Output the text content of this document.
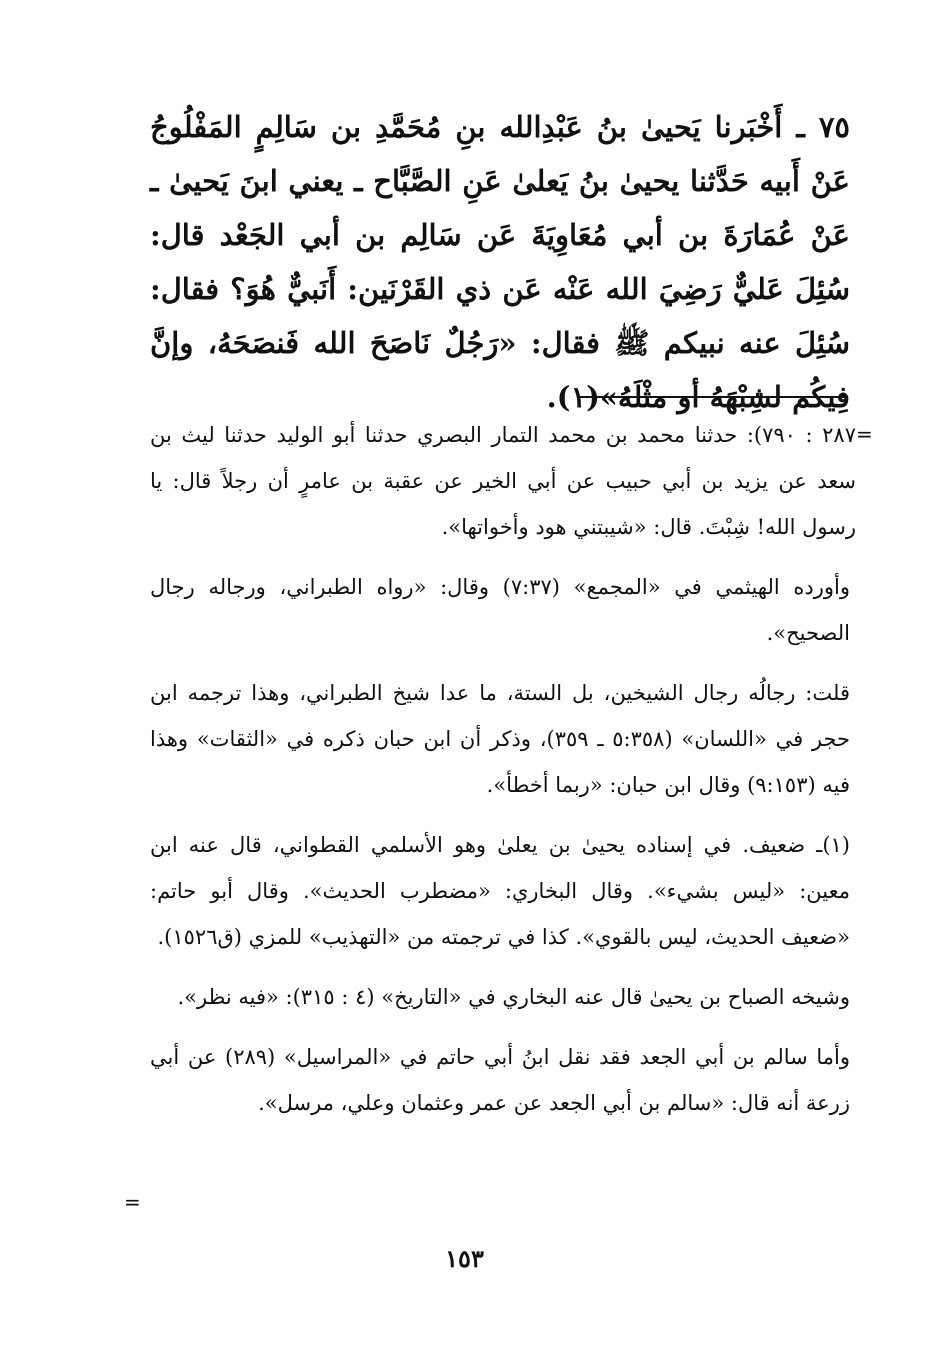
٧٥ ـ أَخْبَرنا يَحيىٰ بنُ عَبْدِالله بنِ مُحَمَّدِ بن سَالِمٍ المَفْلُوجُ عَنْ أَبيه حَدَّثنا يحيىٰ بنُ يَعلىٰ عَنِ الصَّبَّاح ـ يعني ابنَ يَحيىٰ ـ عَنْ عُمَارَةَ بن أبي مُعَاوِيَةَ عَن سَالِم بن أبي الجَعْد قال: سُئِلَ عَليٌّ رَضِيَ الله عَنْه عَن ذي القَرْنَين: أَنَبيٌّ هُوَ؟ فقال: سُئِلَ عنه نبيكم ﷺ فقال: «رَجُلٌ نَاصَحَ الله فَنصَحَهُ، وإنَّ فِيكُم لشِبْهَهُ أو مثْلَهُ»(١).
=

٢٨٧ : ٧٩٠): حدثنا محمد بن محمد التمار البصري حدثنا أبو الوليد حدثنا ليث بن سعد عن يزيد بن أبي حبيب عن أبي الخير عن عقبة بن عامرٍ أن رجلاً قال: يا رسول الله! شِبْتَ. قال: «شيبتني هود وأخواتها».

وأورده الهيثمي في «المجمع» (٧:٣٧) وقال: «رواه الطبراني، ورجاله رجال الصحيح».

قلت: رجالُه رجال الشيخين، بل الستة، ما عدا شيخ الطبراني، وهذا ترجمه ابن حجر في «اللسان» (٥:٣٥٨ ـ ٣٥٩)، وذكر أن ابن حبان ذكره في «الثقات» وهذا فيه (٩:١٥٣) وقال ابن حبان: «ربما أخطأ».

(١)ـ ضعيف. في إسناده يحيىٰ بن يعلىٰ وهو الأسلمي القطواني، قال عنه ابن معين: «ليس بشيء». وقال البخاري: «مضطرب الحديث». وقال أبو حاتم: «ضعيف الحديث، ليس بالقوي». كذا في ترجمته من «التهذيب» للمزي (ق١٥٢٦).

وشيخه الصباح بن يحيىٰ قال عنه البخاري في «التاريخ» (٤ : ٣١٥): «فيه نظر».

وأما سالم بن أبي الجعد فقد نقل ابنُ أبي حاتم في «المراسيل» (٢٨٩) عن أبي زرعة أنه قال: «سالم بن أبي الجعد عن عمر وعثمان وعلي، مرسل».

=
١٥٣
